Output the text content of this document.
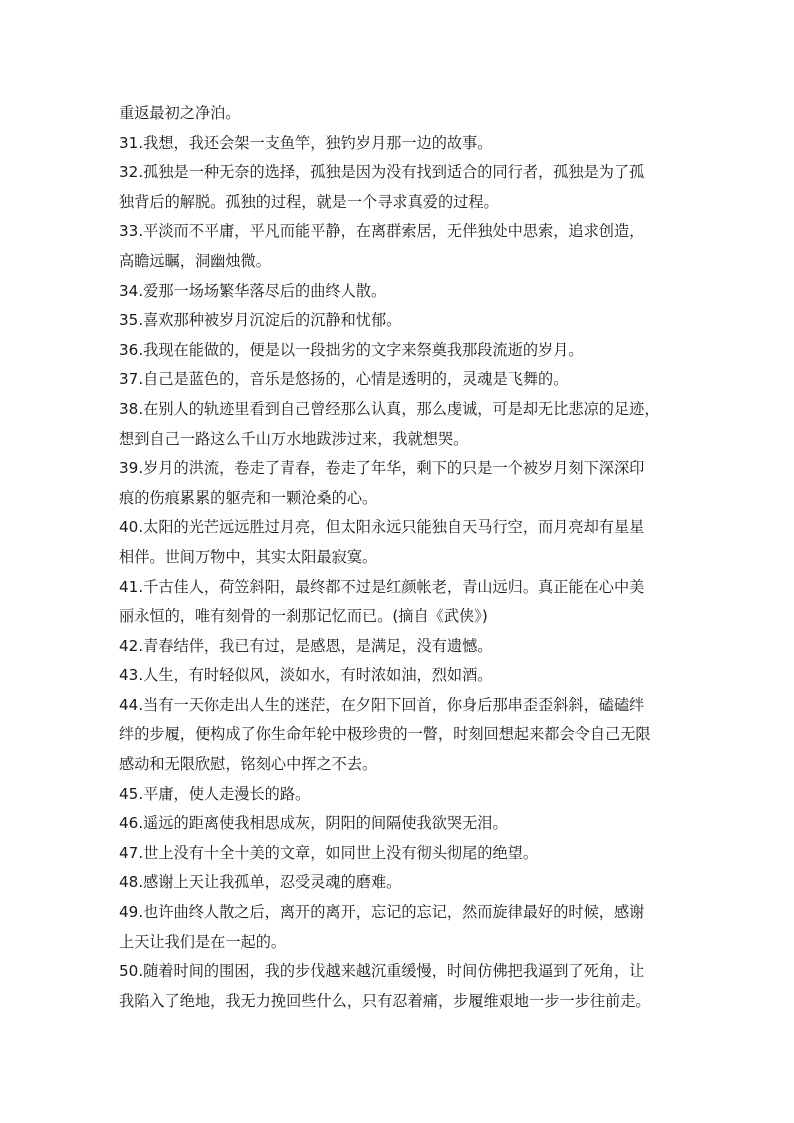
重返最初之净泊。
31.我想，我还会架一支鱼竿，独钓岁月那一边的故事。
32.孤独是一种无奈的选择，孤独是因为没有找到适合的同行者，孤独是为了孤
独背后的解脱。孤独的过程，就是一个寻求真爱的过程。
33.平淡而不平庸，平凡而能平静，在离群索居，无伴独处中思索，追求创造，
高瞻远瞩，洞幽烛微。
34.爱那一场场繁华落尽后的曲终人散。
35.喜欢那种被岁月沉淀后的沉静和忧郁。
36.我现在能做的，便是以一段拙劣的文字来祭奠我那段流逝的岁月。
37.自己是蓝色的，音乐是悠扬的，心情是透明的，灵魂是飞舞的。
38.在别人的轨迹里看到自己曾经那么认真，那么虔诚，可是却无比悲凉的足迹，
想到自己一路这么千山万水地跋涉过来，我就想哭。
39.岁月的洪流，卷走了青春，卷走了年华，剩下的只是一个被岁月刻下深深印
痕的伤痕累累的躯壳和一颗沧桑的心。
40.太阳的光芒远远胜过月亮，但太阳永远只能独自天马行空，而月亮却有星星
相伴。世间万物中，其实太阳最寂寞。
41.千古佳人，荷笠斜阳，最终都不过是红颜帐老，青山远归。真正能在心中美
丽永恒的，唯有刻骨的一刹那记忆而已。(摘自《武侠》)
42.青春结伴，我已有过，是感恩，是满足，没有遗憾。
43.人生，有时轻似风，淡如水，有时浓如油，烈如酒。
44.当有一天你走出人生的迷茫，在夕阳下回首，你身后那串歪歪斜斜，磕磕绊
绊的步履，便构成了你生命年轮中极珍贵的一瞥，时刻回想起来都会令自己无限
感动和无限欣慰，铭刻心中挥之不去。
45.平庸，使人走漫长的路。
46.遥远的距离使我相思成灰，阴阳的间隔使我欲哭无泪。
47.世上没有十全十美的文章，如同世上没有彻头彻尾的绝望。
48.感谢上天让我孤单，忍受灵魂的磨难。
49.也许曲终人散之后，离开的离开，忘记的忘记，然而旋律最好的时候，感谢
上天让我们是在一起的。
50.随着时间的围困，我的步伐越来越沉重缓慢，时间仿佛把我逼到了死角，让
我陷入了绝地，我无力挽回些什么，只有忍着痛，步履维艰地一步一步往前走。
